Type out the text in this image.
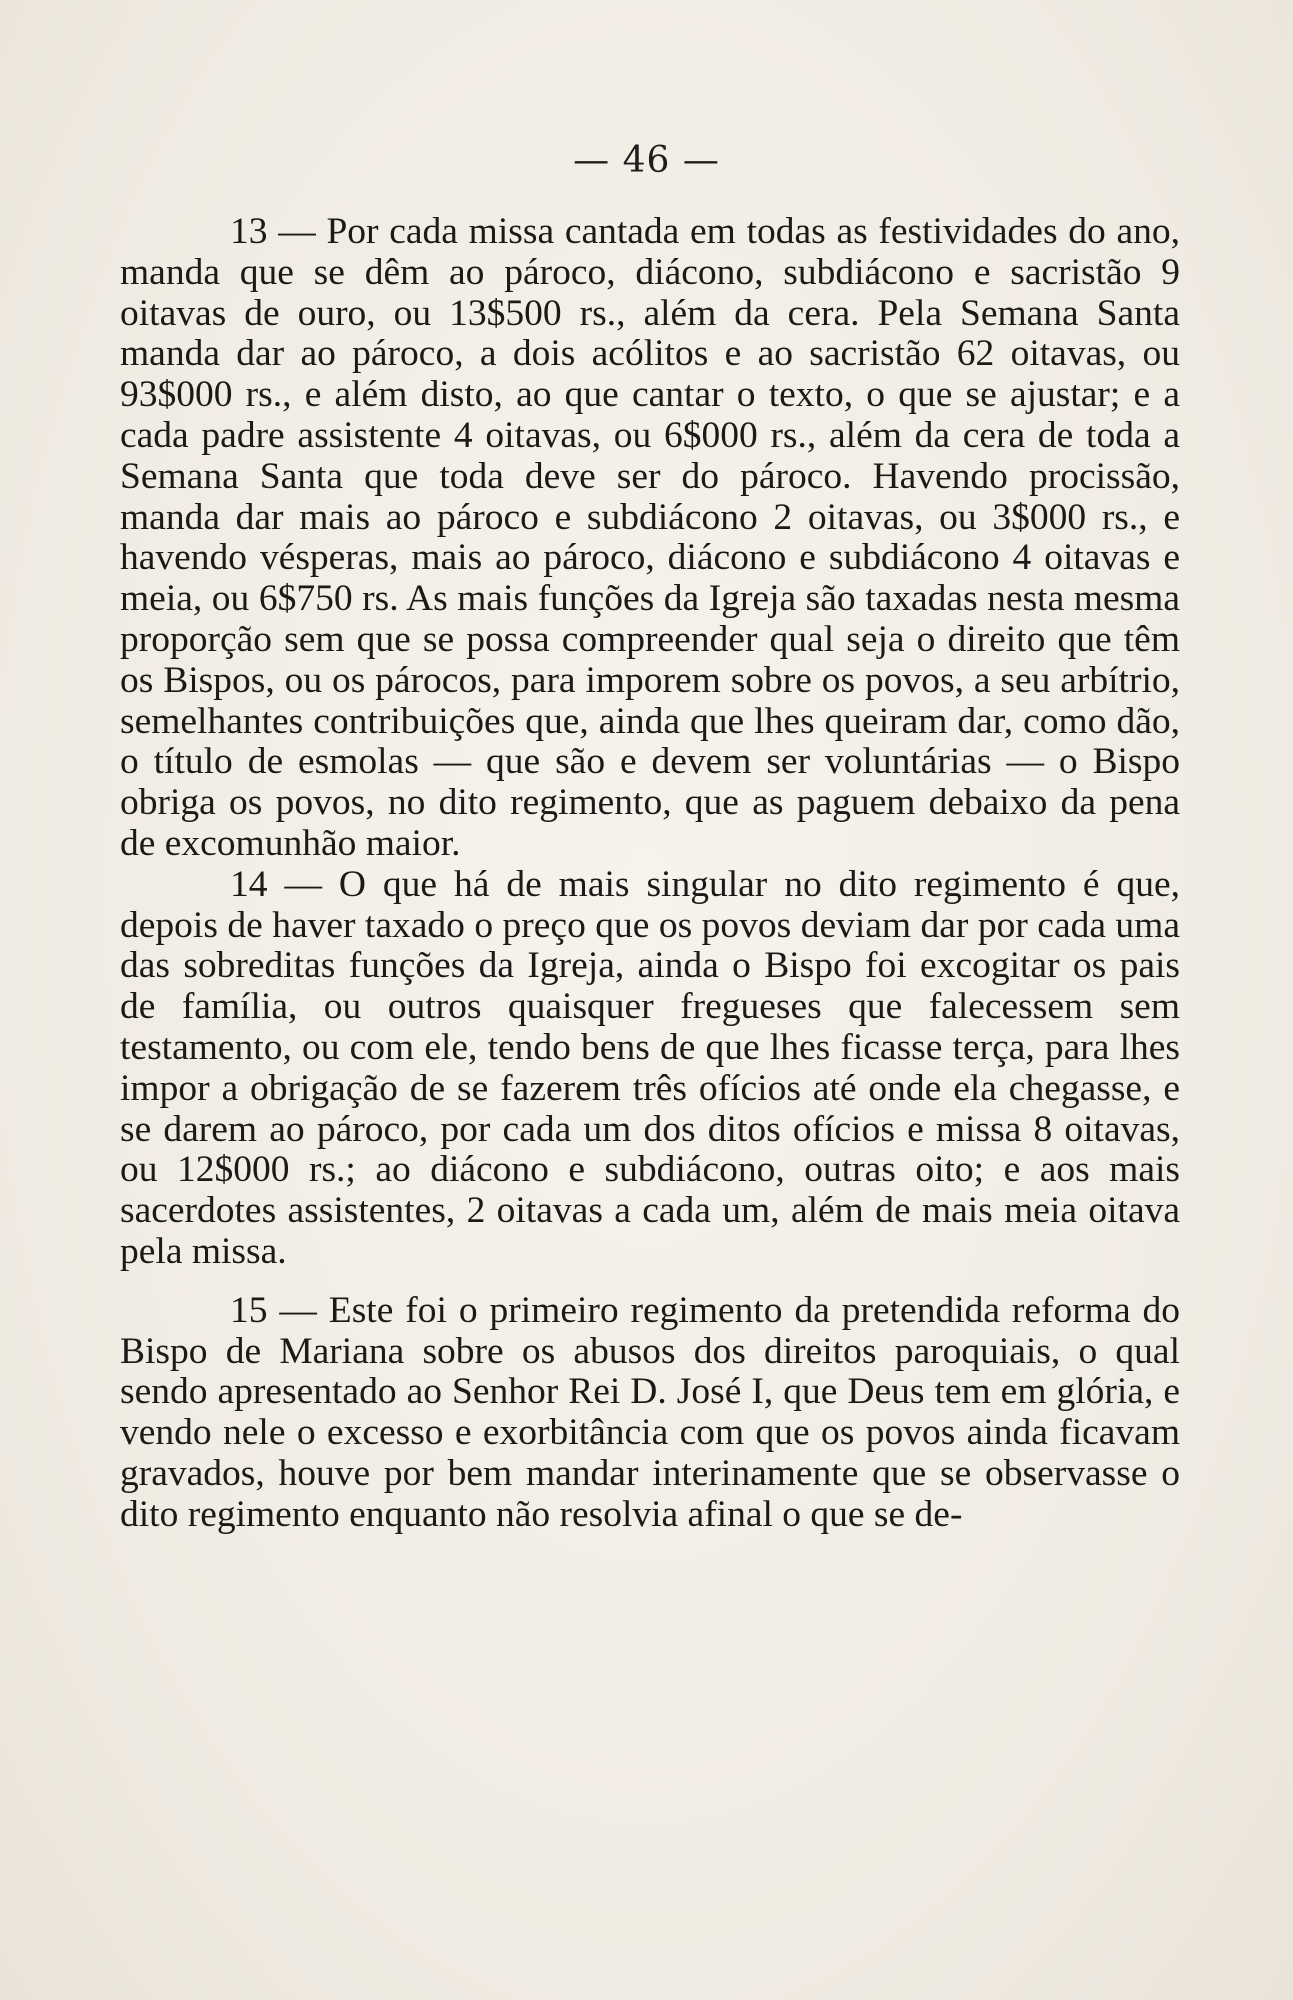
— 46 —

13 — Por cada missa cantada em todas as festividades do ano, manda que se dêm ao pároco, diácono, subdiácono e sacristão 9 oitavas de ouro, ou 13$500 rs., além da cera. Pela Semana Santa manda dar ao pároco, a dois acólitos e ao sacristão 62 oitavas, ou 93$000 rs., e além disto, ao que cantar o texto, o que se ajustar; e a cada padre assistente 4 oitavas, ou 6$000 rs., além da cera de toda a Semana Santa que toda deve ser do pároco. Havendo procissão, manda dar mais ao pároco e subdiácono 2 oitavas, ou 3$000 rs., e havendo vésperas, mais ao pároco, diácono e subdiácono 4 oitavas e meia, ou 6$750 rs. As mais funções da Igreja são taxadas nesta mesma proporção sem que se possa compreender qual seja o direito que têm os Bispos, ou os párocos, para imporem sobre os povos, a seu arbítrio, semelhantes contribuições que, ainda que lhes queiram dar, como dão, o título de esmolas — que são e devem ser voluntárias — o Bispo obriga os povos, no dito regimento, que as paguem debaixo da pena de excomunhão maior.

14 — O que há de mais singular no dito regimento é que, depois de haver taxado o preço que os povos deviam dar por cada uma das sobreditas funções da Igreja, ainda o Bispo foi excogitar os pais de família, ou outros quaisquer fregueses que falecessem sem testamento, ou com ele, tendo bens de que lhes ficasse terça, para lhes impor a obrigação de se fazerem três ofícios até onde ela chegasse, e se darem ao pároco, por cada um dos ditos ofícios e missa 8 oitavas, ou 12$000 rs.; ao diácono e subdiácono, outras oito; e aos mais sacerdotes assistentes, 2 oitavas a cada um, além de mais meia oitava pela missa.

15 — Este foi o primeiro regimento da pretendida reforma do Bispo de Mariana sobre os abusos dos direitos paroquiais, o qual sendo apresentado ao Senhor Rei D. José I, que Deus tem em glória, e vendo nele o excesso e exorbitância com que os povos ainda ficavam gravados, houve por bem mandar interinamente que se observasse o dito regimento enquanto não resolvia afinal o que se de-
